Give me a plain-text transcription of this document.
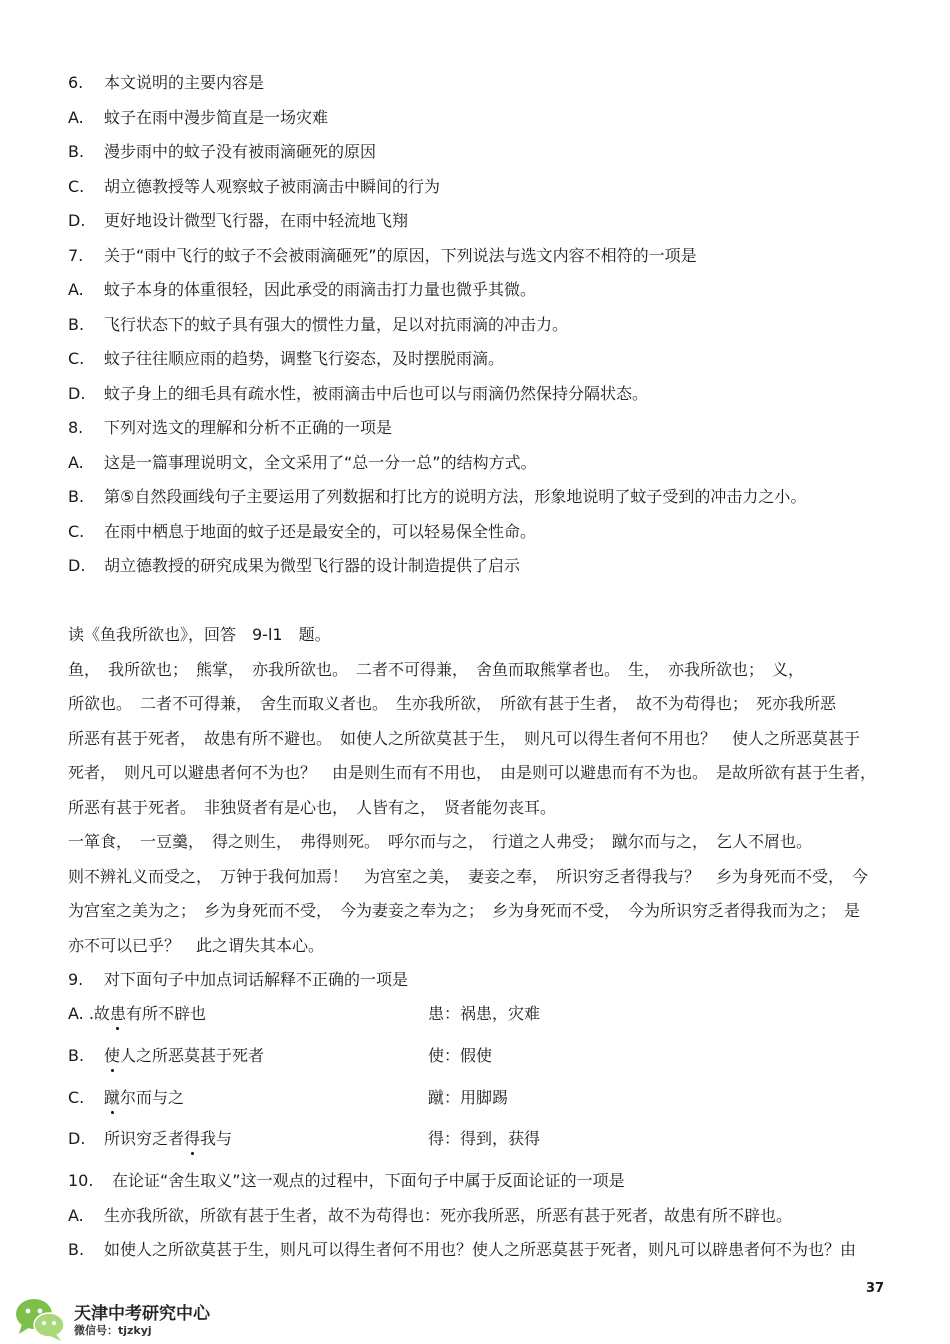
6. 本文说明的主要内容是
A. 蚊子在雨中漫步简直是一场灾难
B. 漫步雨中的蚊子没有被雨滴砸死的原因
C. 胡立德教授等人观察蚊子被雨滴击中瞬间的行为
D. 更好地设计微型飞行器，在雨中轻流地飞翔
7. 关于“雨中飞行的蚊子不会被雨滴砸死”的原因，下列说法与选文内容不相符的一项是
A. 蚊子本身的体重很轻，因此承受的雨滴击打力量也微乎其微。
B. 飞行状态下的蚊子具有强大的惯性力量，足以对抗雨滴的冲击力。
C. 蚊子往往顺应雨的趋势，调整飞行姿态，及时摆脱雨滴。
D. 蚊子身上的细毛具有疏水性，被雨滴击中后也可以与雨滴仍然保持分隔状态。
8. 下列对选文的理解和分析不正确的一项是
A. 这是一篇事理说明文，全文采用了“总一分一总”的结构方式。
B. 第⑤自然段画线句子主要运用了列数据和打比方的说明方法，形象地说明了蚊子受到的冲击力之小。
C. 在雨中栖息于地面的蚊子还是最安全的，可以轻易保全性命。
D. 胡立德教授的研究成果为微型飞行器的设计制造提供了启示
读《鱼我所欲也》，回答　9-l1　题。
鱼，　我所欲也；　熊掌，　亦我所欲也。　二者不可得兼，　舍鱼而取熊掌者也。　生，　亦我所欲也；　义，
所欲也。　二者不可得兼，　舍生而取义者也。　生亦我所欲，　所欲有甚于生者，　故不为苟得也；　死亦我所恶
所恶有甚于死者，　故患有所不避也。　如使人之所欲莫甚于生，　则凡可以得生者何不用也？　使人之所恶莫甚于
死者，　则凡可以避患者何不为也？　由是则生而有不用也，　由是则可以避患而有不为也。　是故所欲有甚于生者，
所恶有甚于死者。　非独贤者有是心也，　人皆有之，　贤者能勿丧耳。
一箪食，　一豆羹，　得之则生，　弗得则死。　呼尔而与之，　行道之人弗受；　蹴尔而与之，　乞人不屑也。
则不辨礼义而受之，　万钟于我何加焉！　为宫室之美，　妻妾之奉，　所识穷乏者得我与？　乡为身死而不受，　今
为宫室之美为之；　乡为身死而不受，　今为妻妾之奉为之；　乡为身死而不受，　今为所识穷乏者得我而为之；　是
亦不可以已乎？　此之谓失其本心。
9. 对下面句子中加点词话解释不正确的一项是
A. .故患有所不辟也	患：祸患，灾难
B. 使人之所恶莫甚于死者	使：假使
C. 蹴尔而与之	蹴：用脚踢
D. 所识穷乏者得我与	得：得到，获得
10. 在论证“舍生取义”这一观点的过程中，下面句子中属于反面论证的一项是
A. 生亦我所欲，所欲有甚于生者，故不为苟得也：死亦我所恶，所恶有甚于死者，故患有所不辟也。
B. 如使人之所欲莫甚于生，则凡可以得生者何不用也？使人之所恶莫甚于死者，则凡可以辟患者何不为也？由
37
天津中考研究中心
微信号：tjzkyj
